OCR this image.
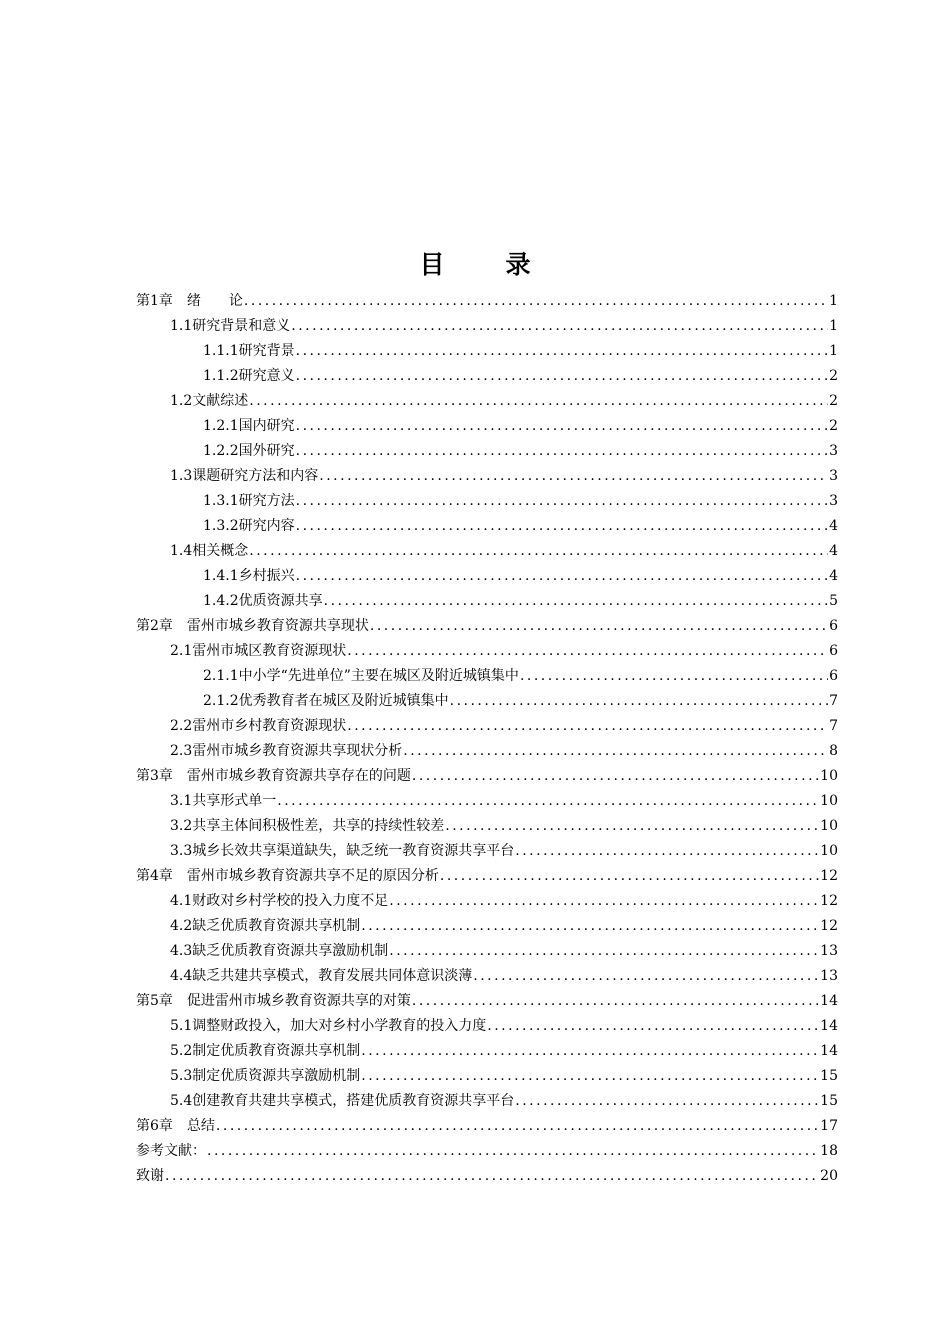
目　录
第1章　绪　　论 .....	1
1.1研究背景和意义 .....	1
1.1.1研究背景 .....	1
1.1.2研究意义 .....	2
1.2文献综述 .....	2
1.2.1国内研究 .....	2
1.2.2国外研究 .....	3
1.3课题研究方法和内容 .....	3
1.3.1研究方法 .....	3
1.3.2研究内容 .....	4
1.4相关概念 .....	4
1.4.1乡村振兴 .....	4
1.4.2优质资源共享 .....	5
第2章　雷州市城乡教育资源共享现状 .....	6
2.1雷州市城区教育资源现状 .....	6
2.1.1中小学“先进单位”主要在城区及附近城镇集中 .....	6
2.1.2优秀教育者在城区及附近城镇集中 .....	7
2.2雷州市乡村教育资源现状 .....	7
2.3雷州市城乡教育资源共享现状分析 .....	8
第3章　雷州市城乡教育资源共享存在的问题 .....	10
3.1共享形式单一 .....	10
3.2共享主体间积极性差，共享的持续性较差 .....	10
3.3城乡长效共享渠道缺失，缺乏统一教育资源共享平台 .....	10
第4章　雷州市城乡教育资源共享不足的原因分析 .....	12
4.1财政对乡村学校的投入力度不足 .....	12
4.2缺乏优质教育资源共享机制 .....	12
4.3缺乏优质教育资源共享激励机制 .....	13
4.4缺乏共建共享模式，教育发展共同体意识淡薄 .....	13
第5章　促进雷州市城乡教育资源共享的对策 .....	14
5.1调整财政投入，加大对乡村小学教育的投入力度 .....	14
5.2制定优质教育资源共享机制 .....	14
5.3制定优质资源共享激励机制 .....	15
5.4创建教育共建共享模式，搭建优质教育资源共享平台 .....	15
第6章　总结 .....	17
参考文献： .....	18
致谢 .....	20
